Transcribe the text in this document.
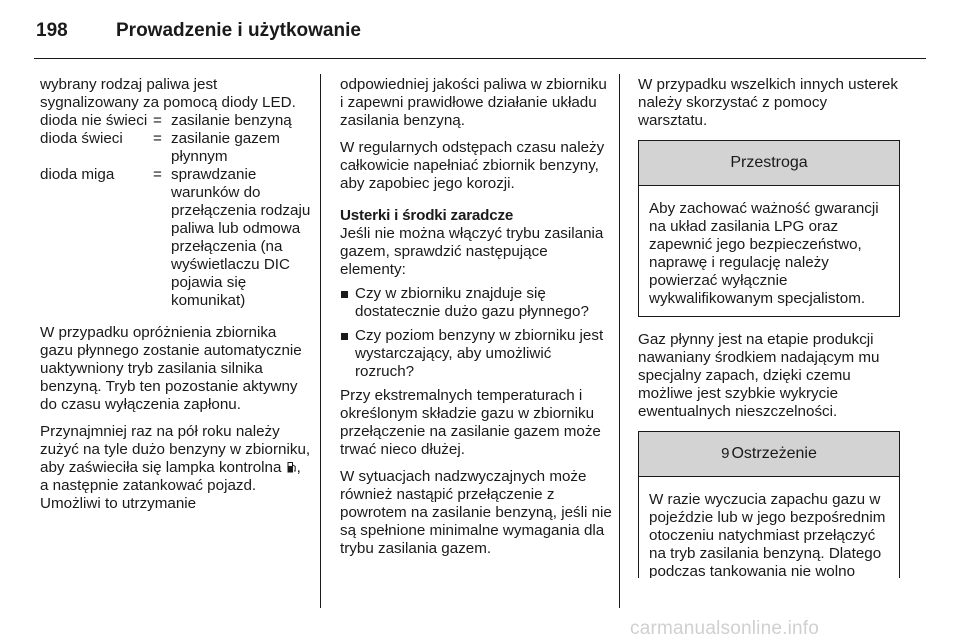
198	Prowadzenie i użytkowanie

wybrany rodzaj paliwa jest sygnalizowany za pomocą diody LED.

dioda nie świeci = zasilanie benzyną
dioda świeci	= zasilanie gazem płynnym
dioda miga	= sprawdzanie warunków do przełączenia rodzaju paliwa lub odmowa przełączenia (na wyświetlaczu DIC pojawia się komunikat)

W przypadku opróżnienia zbiornika gazu płynnego zostanie automatycznie uaktywniony tryb zasilania silnika benzyną. Tryb ten pozostanie aktywny do czasu wyłączenia zapłonu.

Przynajmniej raz na pół roku należy zużyć na tyle dużo benzyny w zbiorniku, aby zaświeciła się lampka kontrolna , a następnie zatankować pojazd. Umożliwi to utrzymanie

odpowiedniej jakości paliwa w zbiorniku i zapewni prawidłowe działanie układu zasilania benzyną.

W regularnych odstępach czasu należy całkowicie napełniać zbiornik benzyny, aby zapobiec jego korozji.

Usterki i środki zaradcze

Jeśli nie można włączyć trybu zasilania gazem, sprawdzić następujące elementy:

Czy w zbiorniku znajduje się dostatecznie dużo gazu płynnego?
Czy poziom benzyny w zbiorniku jest wystarczający, aby umożliwić rozruch?

Przy ekstremalnych temperaturach i określonym składzie gazu w zbiorniku przełączenie na zasilanie gazem może trwać nieco dłużej.

W sytuacjach nadzwyczajnych może również nastąpić przełączenie z powrotem na zasilanie benzyną, jeśli nie są spełnione minimalne wymagania dla trybu zasilania gazem.

W przypadku wszelkich innych usterek należy skorzystać z pomocy warsztatu.

Przestroga
Aby zachować ważność gwarancji na układ zasilania LPG oraz zapewnić jego bezpieczeństwo, naprawę i regulację należy powierzać wyłącznie wykwalifikowanym specjalistom.

Gaz płynny jest na etapie produkcji nawaniany środkiem nadającym mu specjalny zapach, dzięki czemu możliwe jest szybkie wykrycie ewentualnych nieszczelności.

9 Ostrzeżenie
W razie wyczucia zapachu gazu w pojeździe lub w jego bezpośrednim otoczeniu natychmiast przełączyć na tryb zasilania benzyną. Dlatego podczas tankowania nie wolno
carmanualsonline.info
